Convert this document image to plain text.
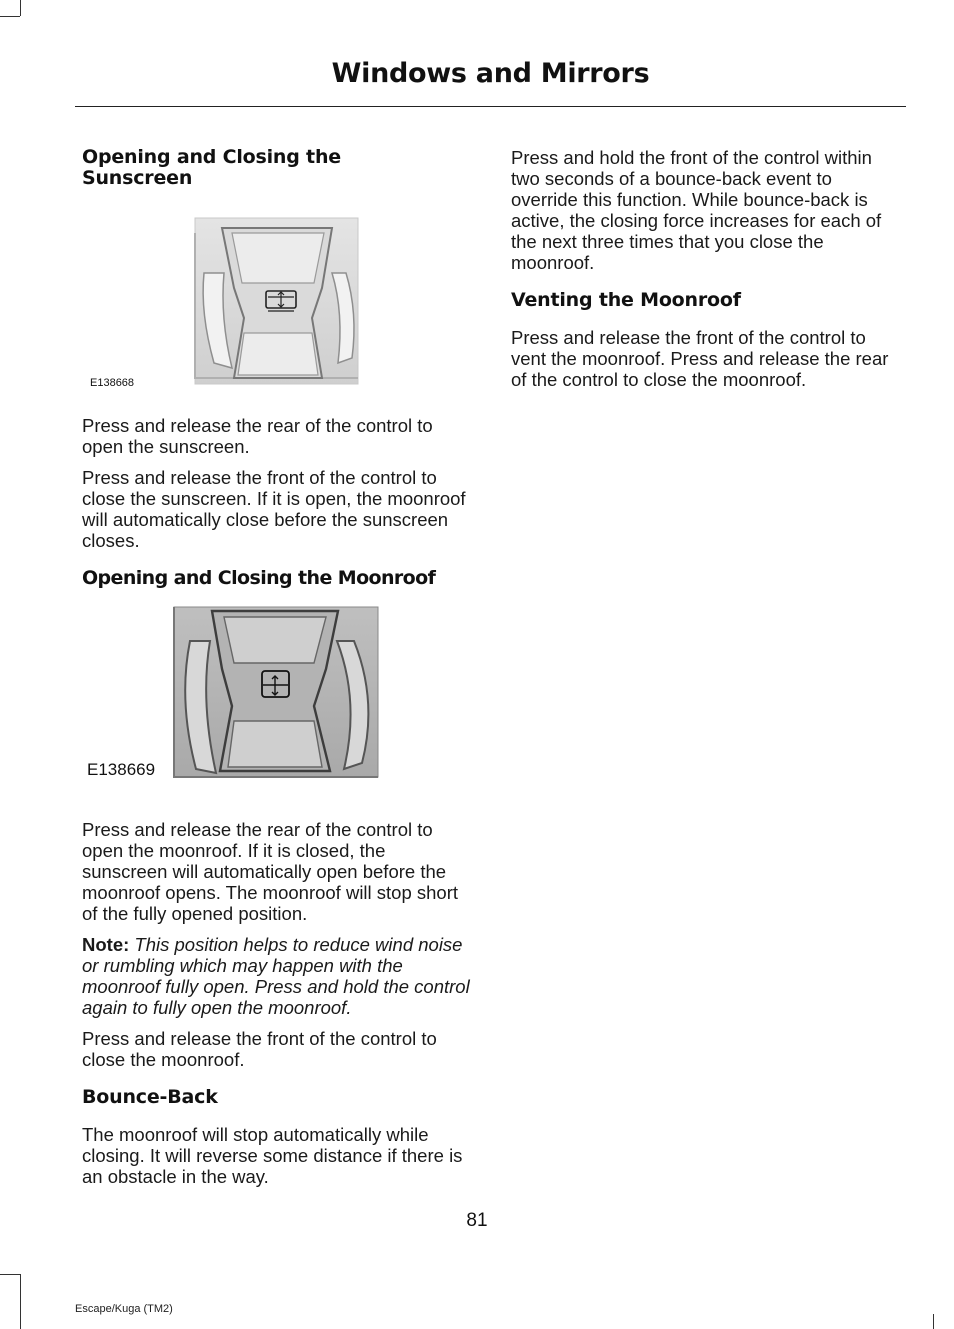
Windows and Mirrors
Opening and Closing the Sunscreen
E138668

Press and release the rear of the control to open the sunscreen.

Press and release the front of the control to close the sunscreen. If it is open, the moonroof will automatically close before the sunscreen closes.

Opening and Closing the Moonroof
E138669

Press and release the rear of the control to open the moonroof. If it is closed, the sunscreen will automatically open before the moonroof opens. The moonroof will stop short of the fully opened position.

Note: This position helps to reduce wind noise or rumbling which may happen with the moonroof fully open. Press and hold the control again to fully open the moonroof.

Press and release the front of the control to close the moonroof.

Bounce-Back

The moonroof will stop automatically while closing. It will reverse some distance if there is an obstacle in the way.

Press and hold the front of the control within two seconds of a bounce-back event to override this function. While bounce-back is active, the closing force increases for each of the next three times that you close the moonroof.

Venting the Moonroof

Press and release the front of the control to vent the moonroof. Press and release the rear of the control to close the moonroof.

81
Escape/Kuga (TM2)
